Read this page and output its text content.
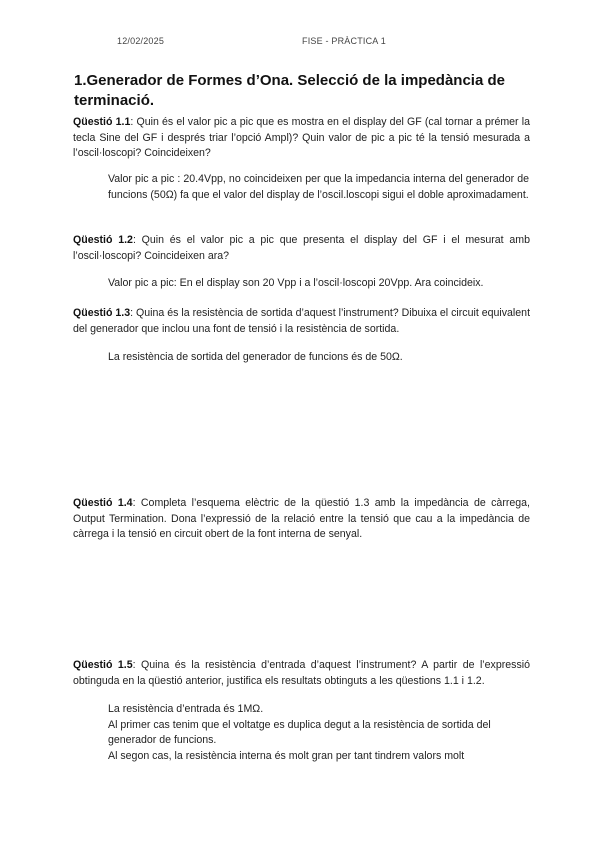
12/02/2025	FISE - PRÀCTICA 1
1.Generador de Formes d’Ona. Selecció de la impedància de terminació.

Qüestió 1.1: Quin és el valor pic a pic que es mostra en el display del GF (cal tornar a prémer la tecla Sine del GF i després triar l’opció Ampl)? Quin valor de pic a pic té la tensió mesurada a l’oscil·loscopi? Coincideixen?

Valor pic a pic : 20.4Vpp, no coincideixen per que la impedancia interna del generador de funcions (50Ω) fa que el valor del display de l’oscil.loscopi sigui el doble aproximadament.

Qüestió 1.2: Quin és el valor pic a pic que presenta el display del GF i el mesurat amb l’oscil·loscopi? Coincideixen ara?

Valor pic a pic: En el display son 20 Vpp i a l’oscil·loscopi 20Vpp. Ara coincideix.

Qüestió 1.3: Quina és la resistència de sortida d’aquest l’instrument? Dibuixa el circuit equivalent del generador que inclou una font de tensió i la resistència de sortida.

La resistència de sortida del generador de funcions és de 50Ω.

Qüestió 1.4: Completa l’esquema elèctric de la qüestió 1.3 amb la impedància de càrrega, Output Termination. Dona l’expressió de la relació entre la tensió que cau a la impedància de càrrega i la tensió en circuit obert de la font interna de senyal.

Qüestió 1.5: Quina és la resistència d’entrada d’aquest l’instrument? A partir de l’expressió obtinguda en la qüestió anterior, justifica els resultats obtinguts a les qüestions 1.1 i 1.2.

La resistència d’entrada és 1MΩ.

Al primer cas tenim que el voltatge es duplica degut a la resistència de sortida del generador de funcions.

Al segon cas, la resistència interna és molt gran per tant tindrem valors molt
